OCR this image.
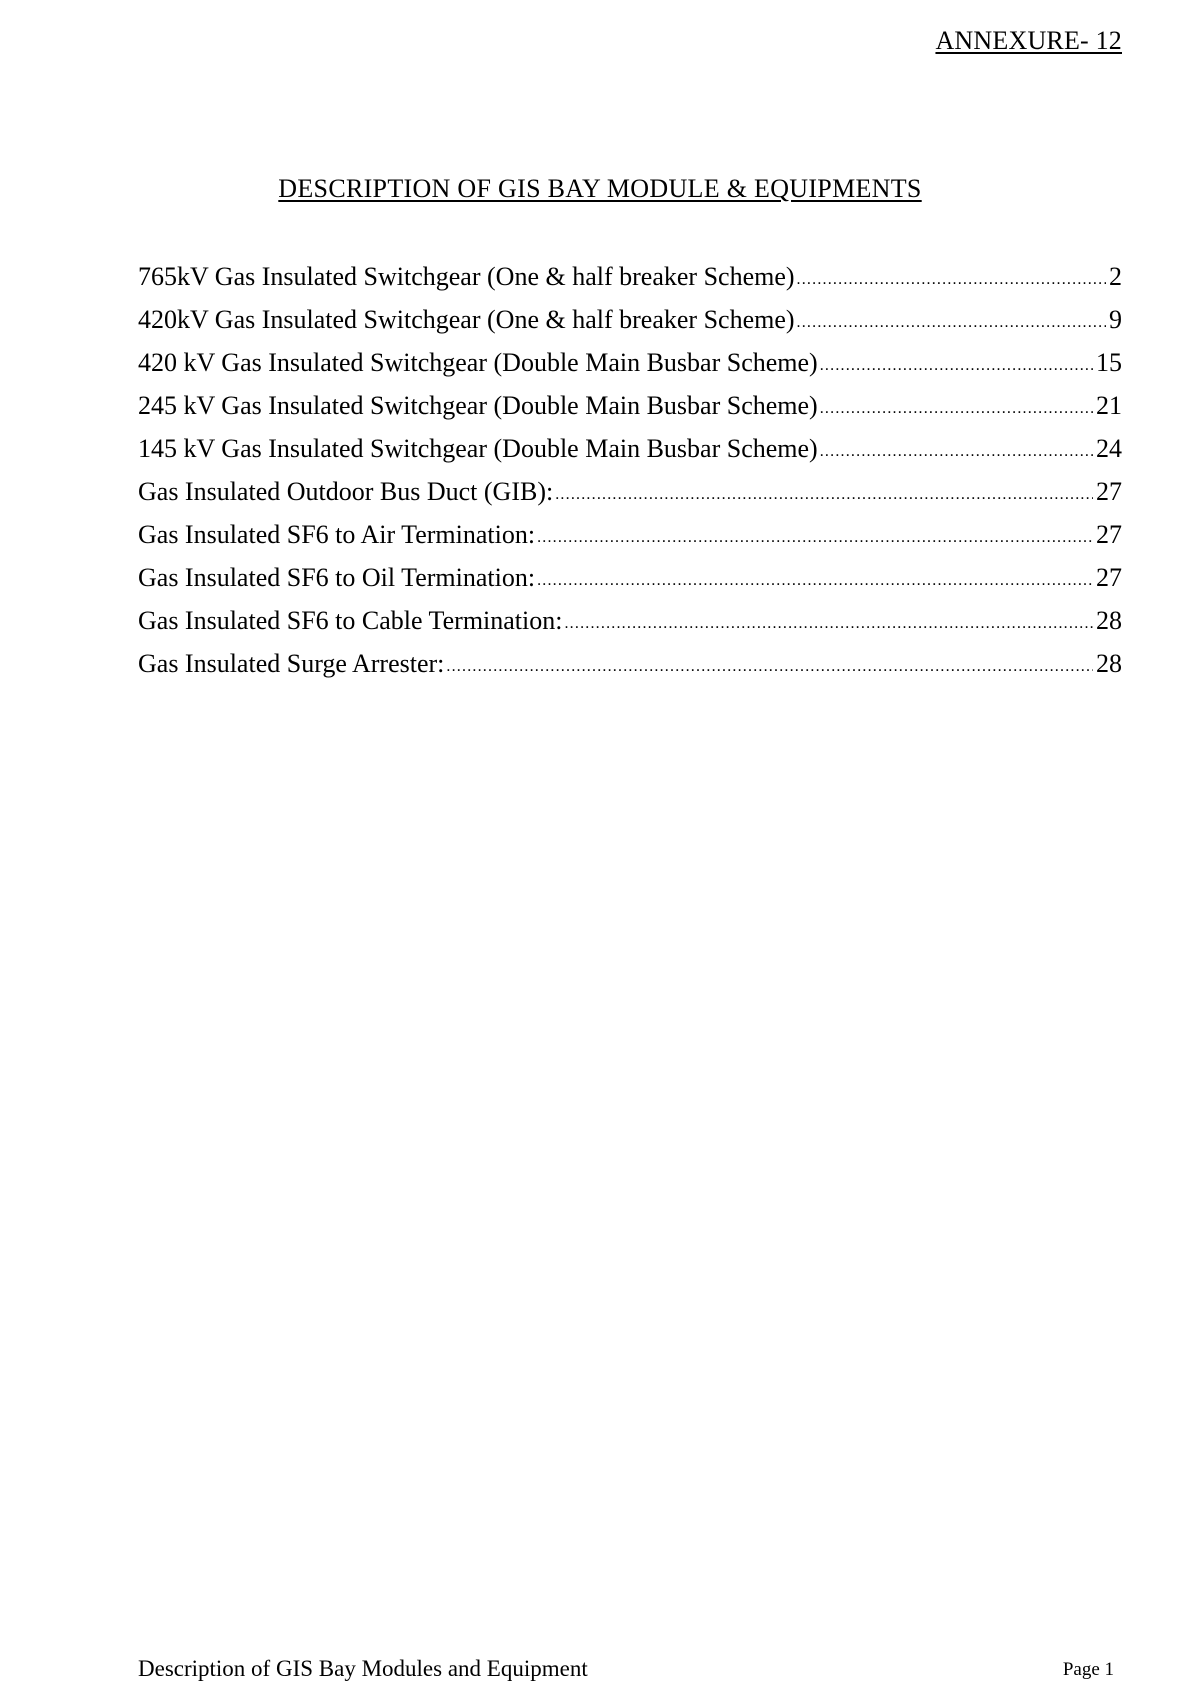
ANNEXURE- 12
DESCRIPTION OF GIS BAY MODULE & EQUIPMENTS
765kV Gas Insulated Switchgear (One & half breaker Scheme) .....	2
420kV Gas Insulated Switchgear (One & half breaker Scheme) .....	9
420 kV Gas Insulated Switchgear (Double Main Busbar Scheme) .....	15
245 kV Gas Insulated Switchgear (Double Main Busbar Scheme) .....	21
145 kV Gas Insulated Switchgear (Double Main Busbar Scheme) .....	24
Gas Insulated Outdoor Bus Duct (GIB): .....	27
Gas Insulated SF6 to Air Termination: .....	27
Gas Insulated SF6 to Oil Termination: .....	27
Gas Insulated SF6 to Cable Termination: .....	28
Gas Insulated Surge Arrester: .....	28
Description of GIS Bay Modules and Equipment	Page 1
